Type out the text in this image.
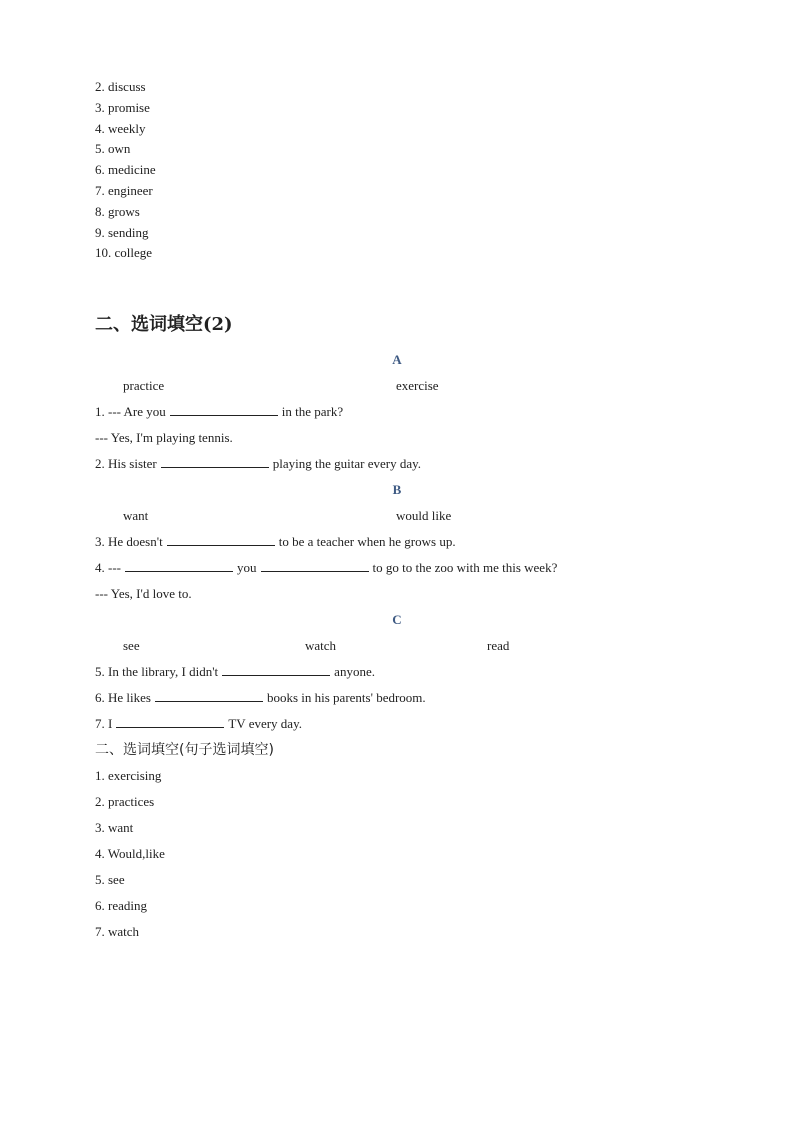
2. discuss
3. promise
4. weekly
5. own
6. medicine
7. engineer
8. grows
9. sending
10. college
二、选词填空(2)
A
practice	exercise
1. --- Are you	in the park?
--- Yes, I'm playing tennis.
2. His sister	playing the guitar every day.
B
want	would like
3. He doesn't	to be a teacher when he grows up.
4. ---	you	to go to the zoo with me this week?
--- Yes, I'd love to.
C
see	watch	read
5. In the library, I didn't	anyone.
6. He likes	books in his parents' bedroom.
7. I	TV every day.
二、选词填空(句子选词填空)
1. exercising
2. practices
3. want
4. Would,like
5. see
6. reading
7. watch
